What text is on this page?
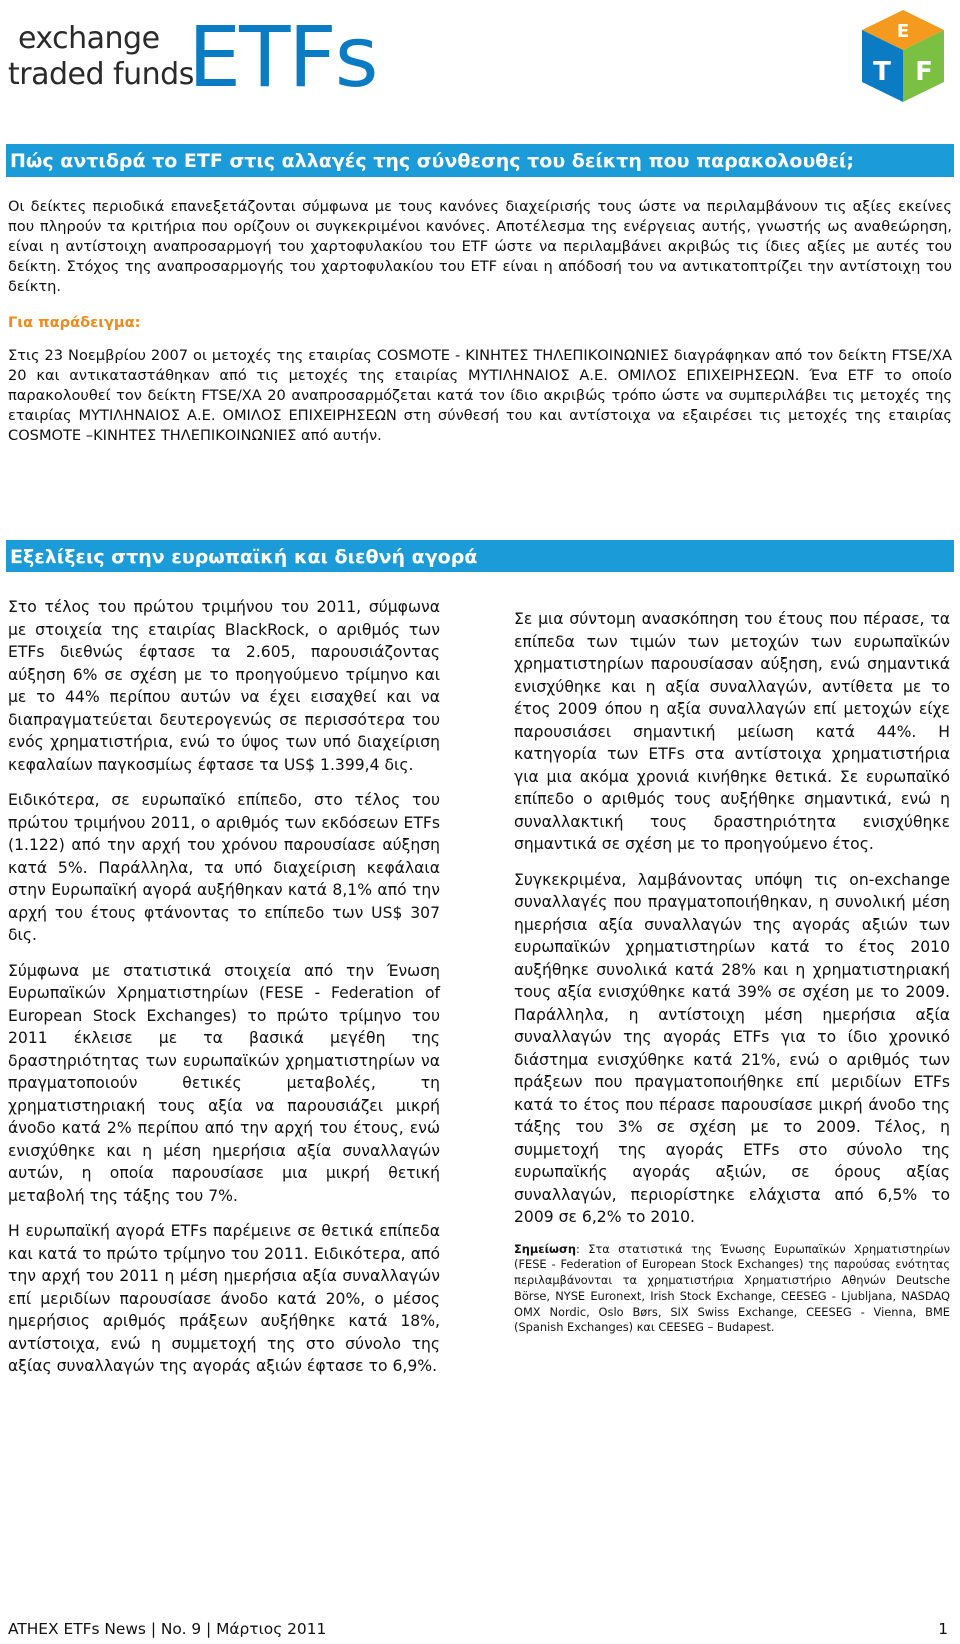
exchange
traded funds
ETFs	E
T F
Πώς αντιδρά το ETF στις αλλαγές της σύνθεσης του δείκτη που παρακολουθεί;
Οι δείκτες περιοδικά επανεξετάζονται σύμφωνα με τους κανόνες διαχείρισής τους ώστε να περιλαμβάνουν τις αξίες εκείνες που πληρούν τα κριτήρια που ορίζουν οι συγκεκριμένοι κανόνες. Αποτέλεσμα της ενέργειας αυτής, γνωστής ως αναθεώρηση, είναι η αντίστοιχη αναπροσαρμογή του χαρτοφυλακίου του ETF ώστε να περιλαμβάνει ακριβώς τις ίδιες αξίες με αυτές του δείκτη. Στόχος της αναπροσαρμογής του χαρτοφυλακίου του ETF είναι η απόδοσή του να αντικατοπτρίζει την αντίστοιχη του δείκτη.
Για παράδειγμα:
Στις 23 Νοεμβρίου 2007 οι μετοχές της εταιρίας COSMOTE - ΚΙΝΗΤΕΣ ΤΗΛΕΠΙΚΟΙΝΩΝΙΕΣ διαγράφηκαν από τον δείκτη FTSE/XA 20 και αντικαταστάθηκαν από τις μετοχές της εταιρίας ΜΥΤΙΛΗΝΑΙΟΣ Α.Ε. ΟΜΙΛΟΣ ΕΠΙΧΕΙΡΗΣΕΩΝ. Ένα ETF το οποίο παρακολουθεί τον δείκτη FTSE/XA 20 αναπροσαρμόζεται κατά τον ίδιο ακριβώς τρόπο ώστε να συμπεριλάβει τις μετοχές της εταιρίας ΜΥΤΙΛΗΝΑΙΟΣ Α.Ε. ΟΜΙΛΟΣ ΕΠΙΧΕΙΡΗΣΕΩΝ στη σύνθεσή του και αντίστοιχα να εξαιρέσει τις μετοχές της εταιρίας COSMOTE –ΚΙΝΗΤΕΣ ΤΗΛΕΠΙΚΟΙΝΩΝΙΕΣ από αυτήν.
Εξελίξεις στην ευρωπαϊκή και διεθνή αγορά

Στο τέλος του πρώτου τριμήνου του 2011, σύμφωνα με στοιχεία της εταιρίας BlackRock, ο αριθμός των ETFs διεθνώς έφτασε τα 2.605, παρουσιάζοντας αύξηση 6% σε σχέση με το προηγούμενο τρίμηνο και με το 44% περίπου αυτών να έχει εισαχθεί και να διαπραγματεύεται δευτερογενώς σε περισσότερα του ενός χρηματιστήρια, ενώ το ύψος των υπό διαχείριση κεφαλαίων παγκοσμίως έφτασε τα US$ 1.399,4 δις.

Ειδικότερα, σε ευρωπαϊκό επίπεδο, στο τέλος του πρώτου τριμήνου 2011, ο αριθμός των εκδόσεων ETFs (1.122) από την αρχή του χρόνου παρουσίασε αύξηση κατά 5%. Παράλληλα, τα υπό διαχείριση κεφάλαια στην Ευρωπαϊκή αγορά αυξήθηκαν κατά 8,1% από την αρχή του έτους φτάνοντας το επίπεδο των US$ 307 δις.

Σύμφωνα με στατιστικά στοιχεία από την Ένωση Ευρωπαϊκών Χρηματιστηρίων (FESE - Federation of European Stock Exchanges) το πρώτο τρίμηνο του 2011 έκλεισε με τα βασικά μεγέθη της δραστηριότητας των ευρωπαϊκών χρηματιστηρίων να πραγματοποιούν θετικές μεταβολές, τη χρηματιστηριακή τους αξία να παρουσιάζει μικρή άνοδο κατά 2% περίπου από την αρχή του έτους, ενώ ενισχύθηκε και η μέση ημερήσια αξία συναλλαγών αυτών, η οποία παρουσίασε μια μικρή θετική μεταβολή της τάξης του 7%.

Η ευρωπαϊκή αγορά ETFs παρέμεινε σε θετικά επίπεδα και κατά το πρώτο τρίμηνο του 2011. Ειδικότερα, από την αρχή του 2011 η μέση ημερήσια αξία συναλλαγών επί μεριδίων παρουσίασε άνοδο κατά 20%, ο μέσος ημερήσιος αριθμός πράξεων αυξήθηκε κατά 18%, αντίστοιχα, ενώ η συμμετοχή της στο σύνολο της αξίας συναλλαγών της αγοράς αξιών έφτασε το 6,9%.

Σε μια σύντομη ανασκόπηση του έτους που πέρασε, τα επίπεδα των τιμών των μετοχών των ευρωπαϊκών χρηματιστηρίων παρουσίασαν αύξηση, ενώ σημαντικά ενισχύθηκε και η αξία συναλλαγών, αντίθετα με το έτος 2009 όπου η αξία συναλλαγών επί μετοχών είχε παρουσιάσει σημαντική μείωση κατά 44%. Η κατηγορία των ETFs στα αντίστοιχα χρηματιστήρια για μια ακόμα χρονιά κινήθηκε θετικά. Σε ευρωπαϊκό επίπεδο ο αριθμός τους αυξήθηκε σημαντικά, ενώ η συναλλακτική τους δραστηριότητα ενισχύθηκε σημαντικά σε σχέση με το προηγούμενο έτος.

Συγκεκριμένα, λαμβάνοντας υπόψη τις on-exchange συναλλαγές που πραγματοποιήθηκαν, η συνολική μέση ημερήσια αξία συναλλαγών της αγοράς αξιών των ευρωπαϊκών χρηματιστηρίων κατά το έτος 2010 αυξήθηκε συνολικά κατά 28% και η χρηματιστηριακή τους αξία ενισχύθηκε κατά 39% σε σχέση με το 2009. Παράλληλα, η αντίστοιχη μέση ημερήσια αξία συναλλαγών της αγοράς ETFs για το ίδιο χρονικό διάστημα ενισχύθηκε κατά 21%, ενώ ο αριθμός των πράξεων που πραγματοποιήθηκε επί μεριδίων ETFs κατά το έτος που πέρασε παρουσίασε μικρή άνοδο της τάξης του 3% σε σχέση με το 2009. Τέλος, η συμμετοχή της αγοράς ETFs στο σύνολο της ευρωπαϊκής αγοράς αξιών, σε όρους αξίας συναλλαγών, περιορίστηκε ελάχιστα από 6,5% το 2009 σε 6,2% το 2010.

Σημείωση: Στα στατιστικά της Ένωσης Ευρωπαϊκών Χρηματιστηρίων (FESE - Federation of European Stock Exchanges) της παρούσας ενότητας περιλαμβάνονται τα χρηματιστήρια Χρηματιστήριο Αθηνών Deutsche Börse, NYSE Euronext, Irish Stock Exchange, CEESEG - Ljubljana, NASDAQ OMX Nordic, Oslo Børs, SIX Swiss Exchange, CEESEG - Vienna, BME (Spanish Exchanges) και CEESEG – Budapest.

ATHEX ETFs News | No. 9 | Μάρτιος 2011	1
